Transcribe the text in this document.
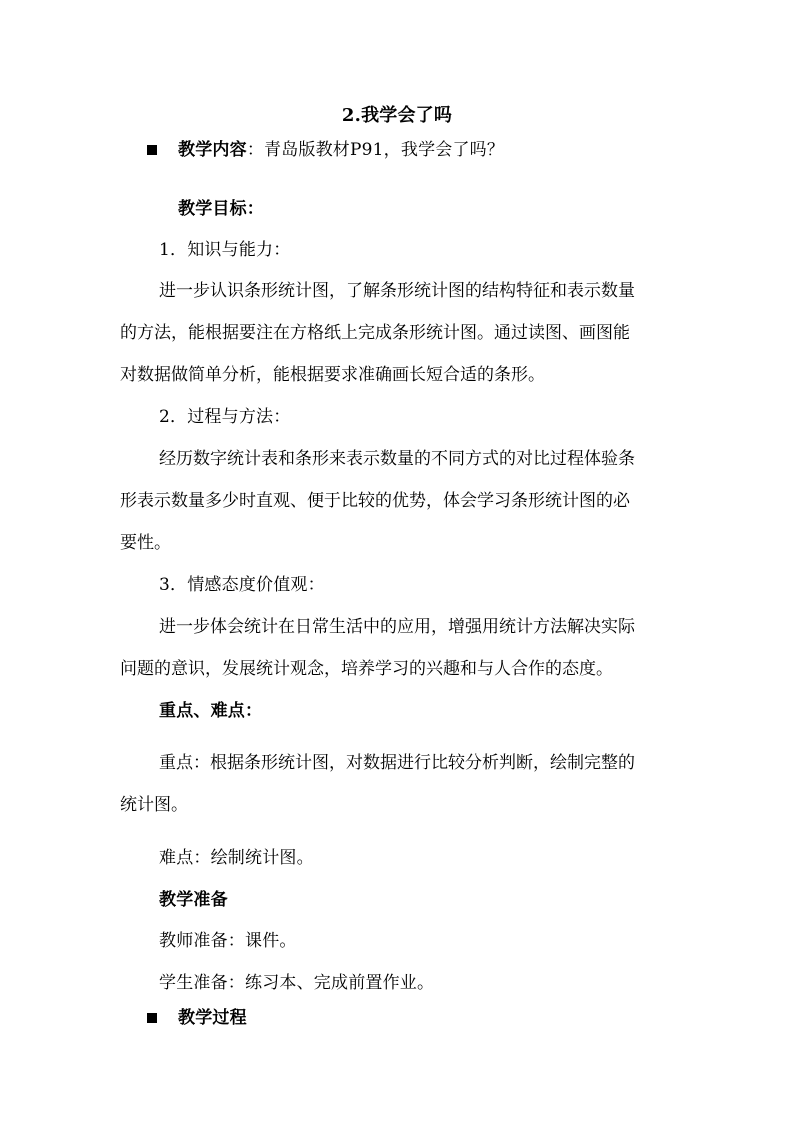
2.我学会了吗
教学内容：青岛版教材P91，我学会了吗？
教学目标：
1．知识与能力：
进一步认识条形统计图，了解条形统计图的结构特征和表示数量
的方法，能根据要注在方格纸上完成条形统计图。通过读图、画图能
对数据做简单分析，能根据要求准确画长短合适的条形。
2．过程与方法：
经历数字统计表和条形来表示数量的不同方式的对比过程体验条
形表示数量多少时直观、便于比较的优势，体会学习条形统计图的必
要性。
3．情感态度价值观：
进一步体会统计在日常生活中的应用，增强用统计方法解决实际
问题的意识，发展统计观念，培养学习的兴趣和与人合作的态度。
重点、难点：
重点：根据条形统计图，对数据进行比较分析判断，绘制完整的
统计图。
难点：绘制统计图。
教学准备
教师准备：课件。
学生准备：练习本、完成前置作业。
教学过程
